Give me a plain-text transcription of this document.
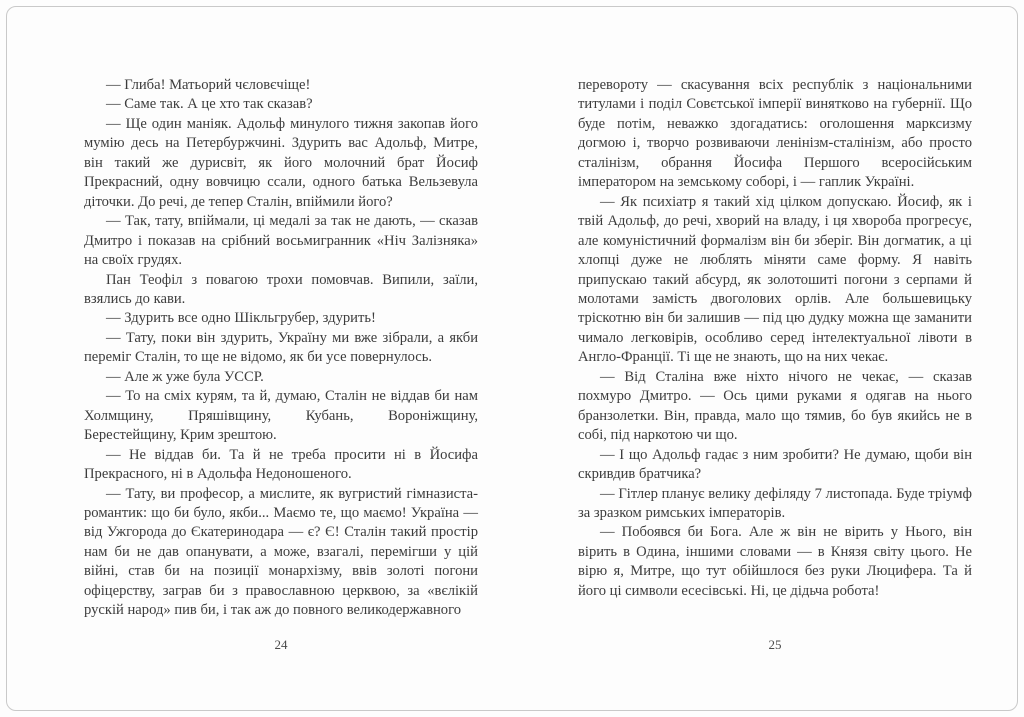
— Глиба! Матьорий чєловєчіще!

— Саме так. А це хто так сказав?

— Ще один маніяк. Адольф минулого тижня закопав його мумію десь на Петербуржчині. Здурить вас Адольф, Митре, він такий же дурисвіт, як його молочний брат Йосиф Прекрасний, одну вовчицю ссали, одного батька Вельзевула діточки. До речі, де тепер Сталін, впіймили його?

— Так, тату, впіймали, ці медалі за так не дають, — сказав Дмитро і показав на срібний восьмигранник «Ніч Залізняка» на своїх грудях.

Пан Теофіл з повагою трохи помовчав. Випили, заїли, взялись до кави.

— Здурить все одно Шікльгрубер, здурить!

— Тату, поки він здурить, Україну ми вже зібрали, а якби переміг Сталін, то ще не відомо, як би усе повернулось.

— Але ж уже була УССР.

— То на сміх курям, та й, думаю, Сталін не віддав би нам Холмщину, Пряшівщину, Кубань, Вороніжщину, Берестейщину, Крим зрештою.

— Не віддав би. Та й не треба просити ні в Йосифа Прекрасного, ні в Адольфа Недоношеного.

— Тату, ви професор, а мислите, як вугристий гімназиста-романтик: що би було, якби... Маємо те, що маємо! Україна — від Ужгорода до Єкатеринодара — є? Є! Сталін такий простір нам би не дав опанувати, а може, взагалі, перемігши у цій війні, став би на позиції монархізму, ввів золоті погони офіцерству, заграв би з православною церквою, за «вєлікій рускій народ» пив би, і так аж до повного великодержавного

перевороту — скасування всіх республік з національними титулами і поділ Совєтської імперії винятково на губернії. Що буде потім, неважко здогадатись: оголошення марксизму догмою і, творчо розвиваючи ленінізм-сталінізм, або просто сталінізм, обрання Йосифа Першого всеросійським імператором на земському соборі, і — гаплик Україні.

— Як психіатр я такий хід цілком допускаю. Йосиф, як і твій Адольф, до речі, хворий на владу, і ця хвороба прогресує, але комуністичний формалізм він би зберіг. Він догматик, а ці хлопці дуже не люблять міняти саме форму. Я навіть припускаю такий абсурд, як золотошиті погони з серпами й молотами замість двоголових орлів. Але большевицьку тріскотню він би залишив — під цю дудку можна ще заманити чимало легковірів, особливо серед інтелектуальної лівоти в Англо-Франції. Ті ще не знають, що на них чекає.

— Від Сталіна вже ніхто нічого не чекає, — сказав похмуро Дмитро. — Ось цими руками я одягав на нього бранзолетки. Він, правда, мало що тямив, бо був якийсь не в собі, під наркотою чи що.

— І що Адольф гадає з ним зробити? Не думаю, щоби він скривдив братчика?

— Гітлер планує велику дефіляду 7 листопада. Буде тріумф за зразком римських імператорів.

— Побоявся би Бога. Але ж він не вірить у Нього, він вірить в Одина, іншими словами — в Князя світу цього. Не вірю я, Митре, що тут обійшлося без руки Люцифера. Та й його ці символи есесівські. Ні, це дідьча робота!

24	25
